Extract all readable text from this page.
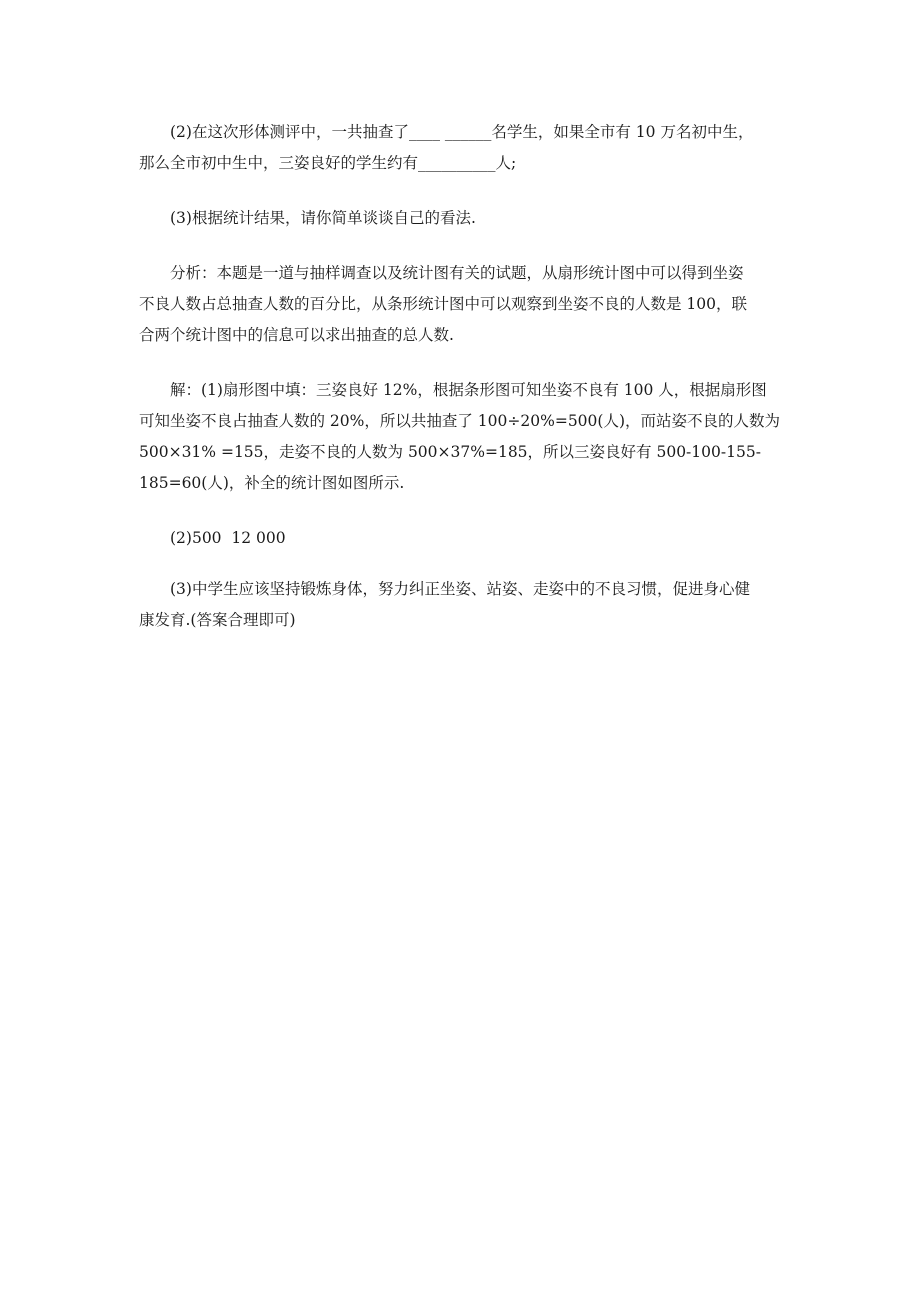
(2)在这次形体测评中，一共抽查了____ ______名学生，如果全市有 10 万名初中生，
那么全市初中生中，三姿良好的学生约有__________人;

(3)根据统计结果，请你简单谈谈自己的看法.

分析：本题是一道与抽样调查以及统计图有关的试题，从扇形统计图中可以得到坐姿
不良人数占总抽查人数的百分比，从条形统计图中可以观察到坐姿不良的人数是 100，联
合两个统计图中的信息可以求出抽查的总人数.

解：(1)扇形图中填：三姿良好 12%，根据条形图可知坐姿不良有 100 人，根据扇形图
可知坐姿不良占抽查人数的 20%，所以共抽查了 100÷20%=500(人)，而站姿不良的人数为
500×31% =155，走姿不良的人数为 500×37%=185，所以三姿良好有 500-100-155-
185=60(人)，补全的统计图如图所示.

(2)500  12 000

(3)中学生应该坚持锻炼身体，努力纠正坐姿、站姿、走姿中的不良习惯，促进身心健
康发育.(答案合理即可)
